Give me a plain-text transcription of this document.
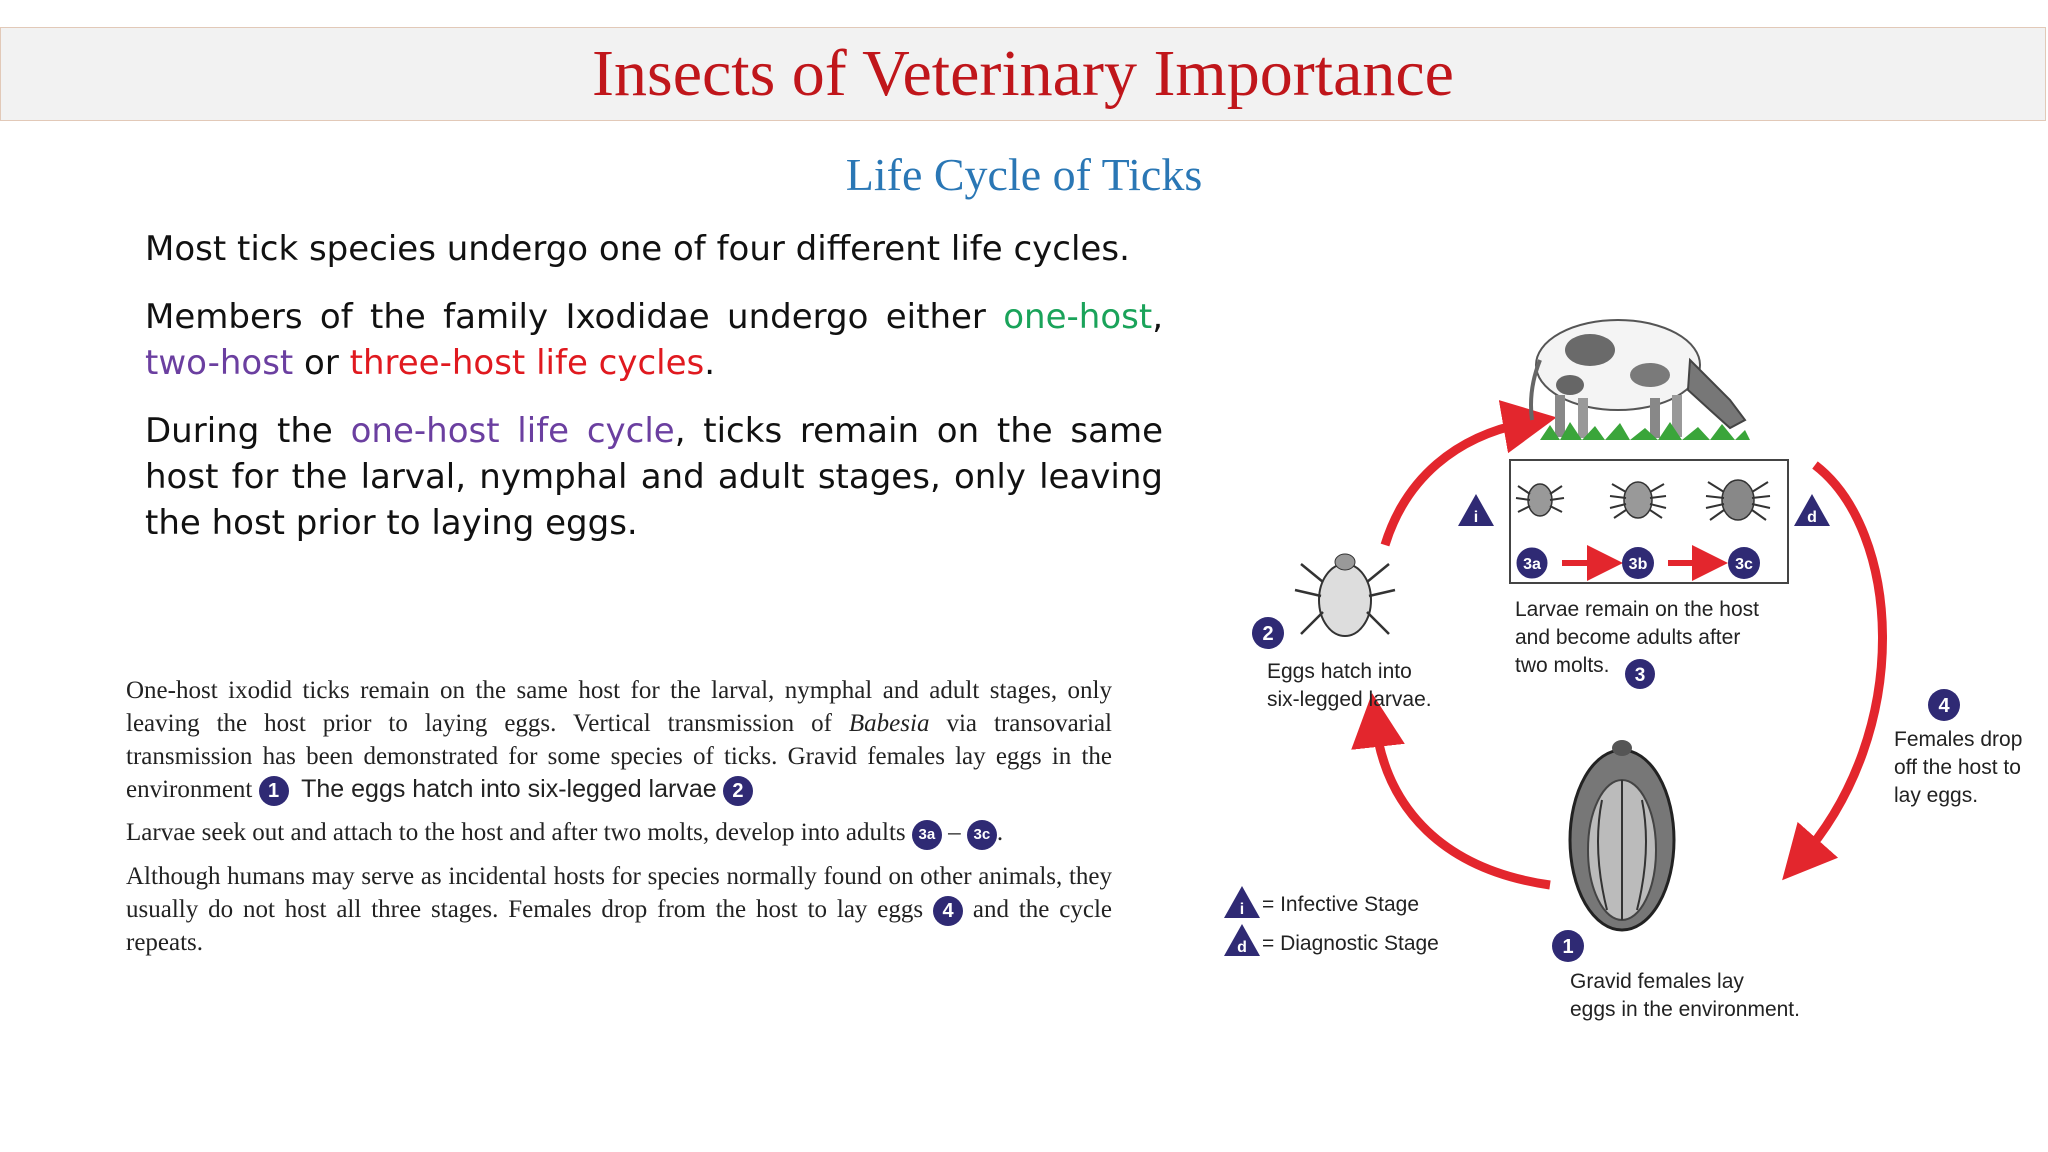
Insects of Veterinary Importance
Life Cycle of Ticks

Most tick species undergo one of four different life cycles.

Members of the family Ixodidae undergo either one-host, two-host or three-host life cycles.

During the one-host life cycle, ticks remain on the same host for the larval, nymphal and adult stages, only leaving the host prior to laying eggs.

One-host ixodid ticks remain on the same host for the larval, nymphal and adult stages, only leaving the host prior to laying eggs. Vertical transmission of Babesia via transovarial transmission has been demonstrated for some species of ticks. Gravid females lay eggs in the environment 1 The eggs hatch into six-legged larvae 2

Larvae seek out and attach to the host and after two molts, develop into adults 3a – 3c .

Although humans may serve as incidental hosts for species normally found on other animals, they usually do not host all three stages. Females drop from the host to lay eggs 4 and the cycle repeats.

2
4
1
3
3a	3b	3c
i	d
i
d
Eggs hatch into
six-legged larvae.
Larvae remain on the host
and become adults after
two molts.
Females drop
off the host to
lay eggs.
Gravid females lay
eggs in the environment.
= Infective Stage
= Diagnostic Stage
